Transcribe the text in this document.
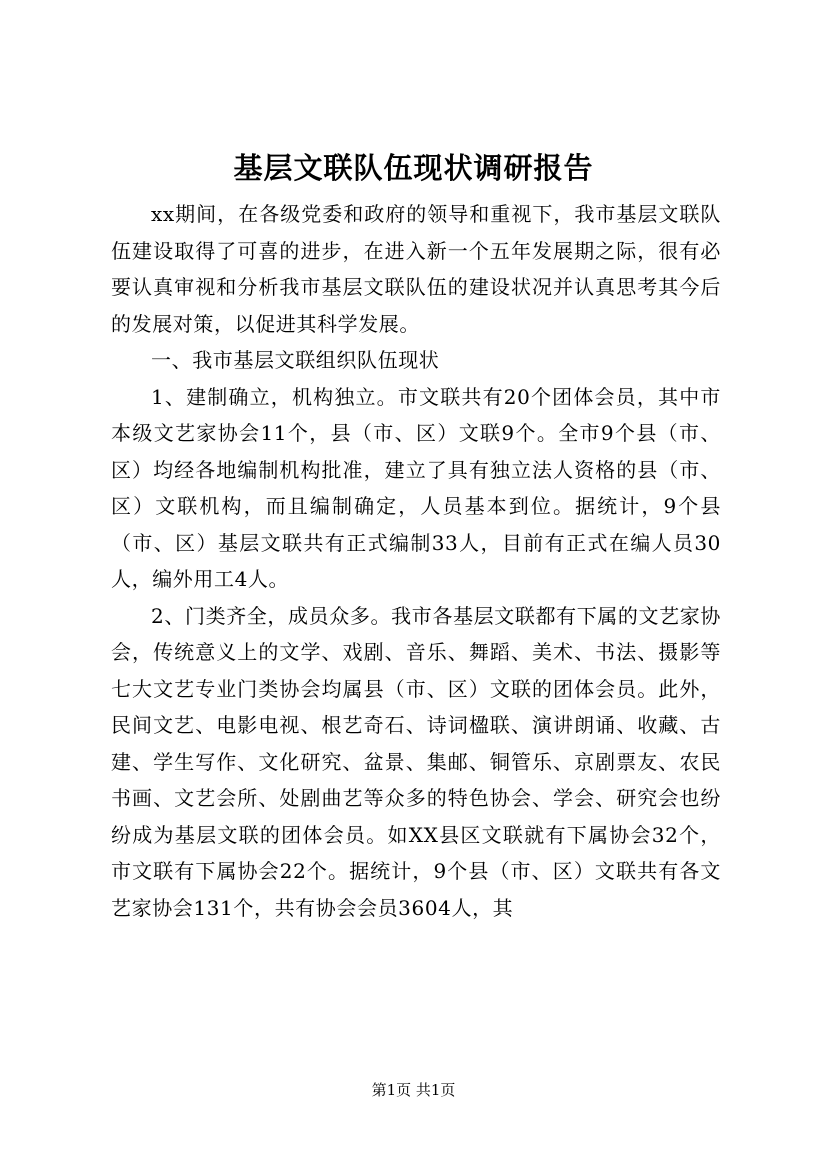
基层文联队伍现状调研报告

xx期间，在各级党委和政府的领导和重视下，我市基层文联队伍建设取得了可喜的进步，在进入新一个五年发展期之际，很有必要认真审视和分析我市基层文联队伍的建设状况并认真思考其今后的发展对策，以促进其科学发展。

一、我市基层文联组织队伍现状

1、建制确立，机构独立。市文联共有20个团体会员，其中市本级文艺家协会11个，县（市、区）文联9个。全市9个县（市、区）均经各地编制机构批准，建立了具有独立法人资格的县（市、区）文联机构，而且编制确定，人员基本到位。据统计，9个县（市、区）基层文联共有正式编制33人，目前有正式在编人员30人，编外用工4人。

2、门类齐全，成员众多。我市各基层文联都有下属的文艺家协会，传统意义上的文学、戏剧、音乐、舞蹈、美术、书法、摄影等七大文艺专业门类协会均属县（市、区）文联的团体会员。此外，民间文艺、电影电视、根艺奇石、诗词楹联、演讲朗诵、收藏、古建、学生写作、文化研究、盆景、集邮、铜管乐、京剧票友、农民书画、文艺会所、处剧曲艺等众多的特色协会、学会、研究会也纷纷成为基层文联的团体会员。如XX县区文联就有下属协会32个，市文联有下属协会22个。据统计，9个县（市、区）文联共有各文艺家协会131个，共有协会会员3604人，其

第1页 共1页
